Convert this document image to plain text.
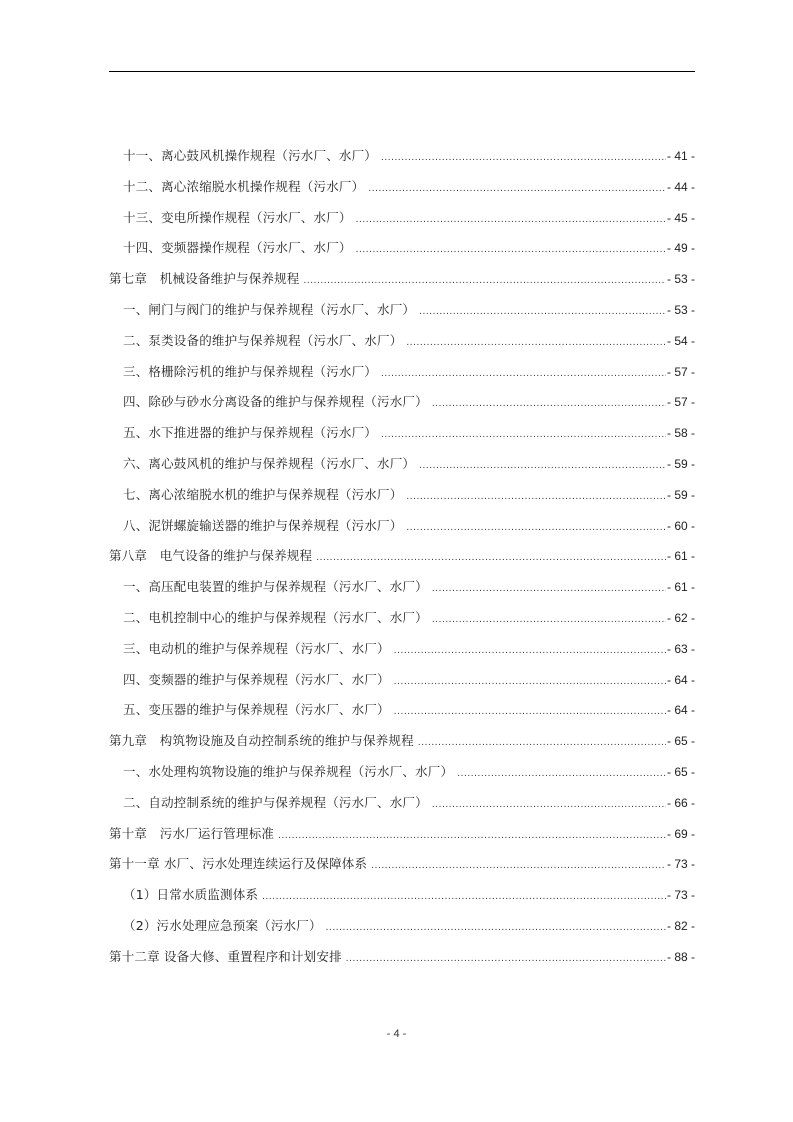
十一、离心鼓风机操作规程（污水厂、水厂） .....	- 41 -
十二、离心浓缩脱水机操作规程（污水厂） .....	- 44 -
十三、变电所操作规程（污水厂、水厂） .....	- 45 -
十四、变频器操作规程（污水厂、水厂） .....	- 49 -
第七章　机械设备维护与保养规程 .....	- 53 -
一、闸门与阀门的维护与保养规程（污水厂、水厂） .....	- 53 -
二、泵类设备的维护与保养规程（污水厂、水厂） .....	- 54 -
三、格栅除污机的维护与保养规程（污水厂） .....	- 57 -
四、除砂与砂水分离设备的维护与保养规程（污水厂） .....	- 57 -
五、水下推进器的维护与保养规程（污水厂） .....	- 58 -
六、离心鼓风机的维护与保养规程（污水厂、水厂） .....	- 59 -
七、离心浓缩脱水机的维护与保养规程（污水厂） .....	- 59 -
八、泥饼螺旋输送器的维护与保养规程（污水厂） .....	- 60 -
第八章　电气设备的维护与保养规程 .....	- 61 -
一、高压配电装置的维护与保养规程（污水厂、水厂） .....	- 61 -
二、电机控制中心的维护与保养规程（污水厂、水厂） .....	- 62 -
三、电动机的维护与保养规程（污水厂、水厂） .....	- 63 -
四、变频器的维护与保养规程（污水厂、水厂） .....	- 64 -
五、变压器的维护与保养规程（污水厂、水厂） .....	- 64 -
第九章　构筑物设施及自动控制系统的维护与保养规程 .....	- 65 -
一、水处理构筑物设施的维护与保养规程（污水厂、水厂） .....	- 65 -
二、自动控制系统的维护与保养规程（污水厂、水厂） .....	- 66 -
第十章　污水厂运行管理标准 .....	- 69 -
第十一章 水厂、污水处理连续运行及保障体系 .....	- 73 -
（1）日常水质监测体系 .....	- 73 -
（2）污水处理应急预案（污水厂） .....	- 82 -
第十二章 设备大修、重置程序和计划安排 .....	- 88 -
- 4 -
